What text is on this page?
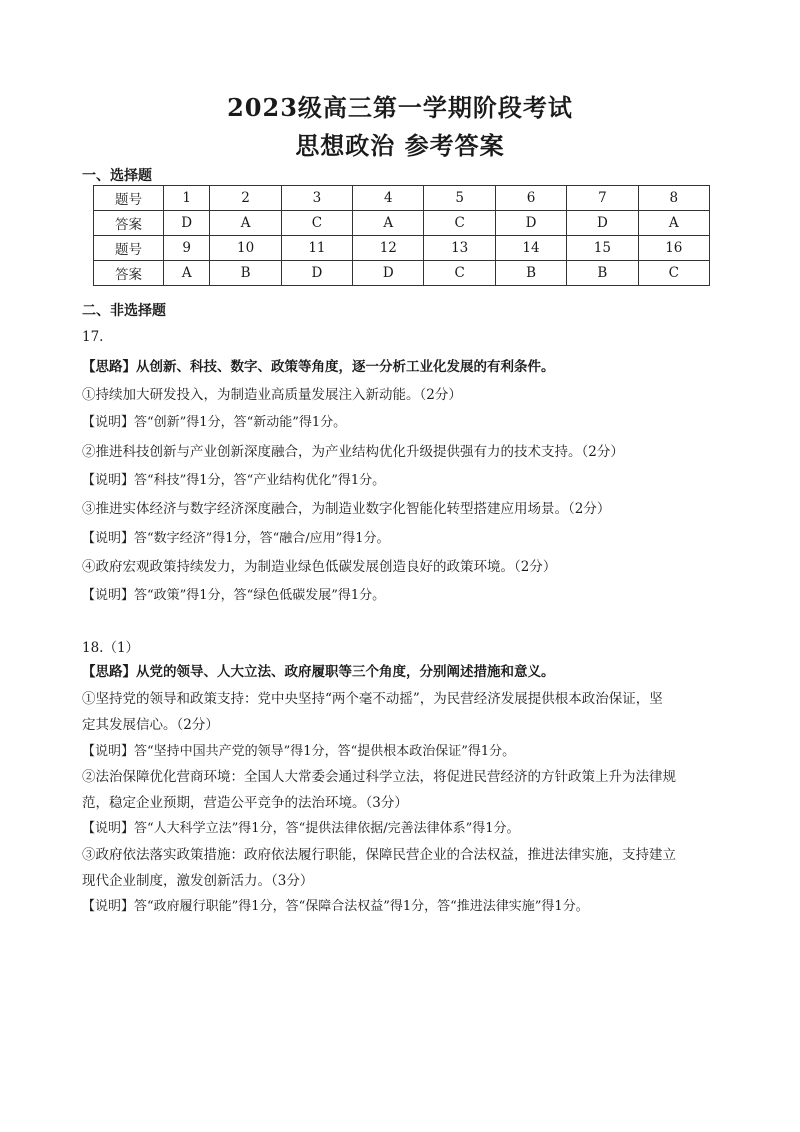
2023级高三第一学期阶段考试
思想政治 参考答案
一、选择题
题号	1	2	3	4	5	6	7	8
答案	D	A	C	A	C	D	D	A
题号	9	10	11	12	13	14	15	16
答案	A	B	D	D	C	B	B	C
二、非选择题
17.
【思路】从创新、科技、数字、政策等角度，逐一分析工业化发展的有利条件。
①持续加大研发投入，为制造业高质量发展注入新动能。（2分）
【说明】答“创新”得1分，答“新动能”得1分。
②推进科技创新与产业创新深度融合，为产业结构优化升级提供强有力的技术支持。（2分）
【说明】答“科技”得1分，答“产业结构优化”得1分。
③推进实体经济与数字经济深度融合，为制造业数字化智能化转型搭建应用场景。（2分）
【说明】答“数字经济”得1分，答“融合/应用”得1分。
④政府宏观政策持续发力，为制造业绿色低碳发展创造良好的政策环境。（2分）
【说明】答“政策”得1分，答“绿色低碳发展”得1分。
18.（1）
【思路】从党的领导、人大立法、政府履职等三个角度，分别阐述措施和意义。
①坚持党的领导和政策支持：党中央坚持“两个毫不动摇”，为民营经济发展提供根本政治保证，坚
定其发展信心。（2分）
【说明】答“坚持中国共产党的领导”得1分，答“提供根本政治保证”得1分。
②法治保障优化营商环境：全国人大常委会通过科学立法，将促进民营经济的方针政策上升为法律规
范，稳定企业预期，营造公平竞争的法治环境。（3分）
【说明】答“人大科学立法”得1分，答“提供法律依据/完善法律体系”得1分。
③政府依法落实政策措施：政府依法履行职能，保障民营企业的合法权益，推进法律实施，支持建立
现代企业制度，激发创新活力。（3分）
【说明】答“政府履行职能”得1分，答“保障合法权益”得1分，答“推进法律实施”得1分。
